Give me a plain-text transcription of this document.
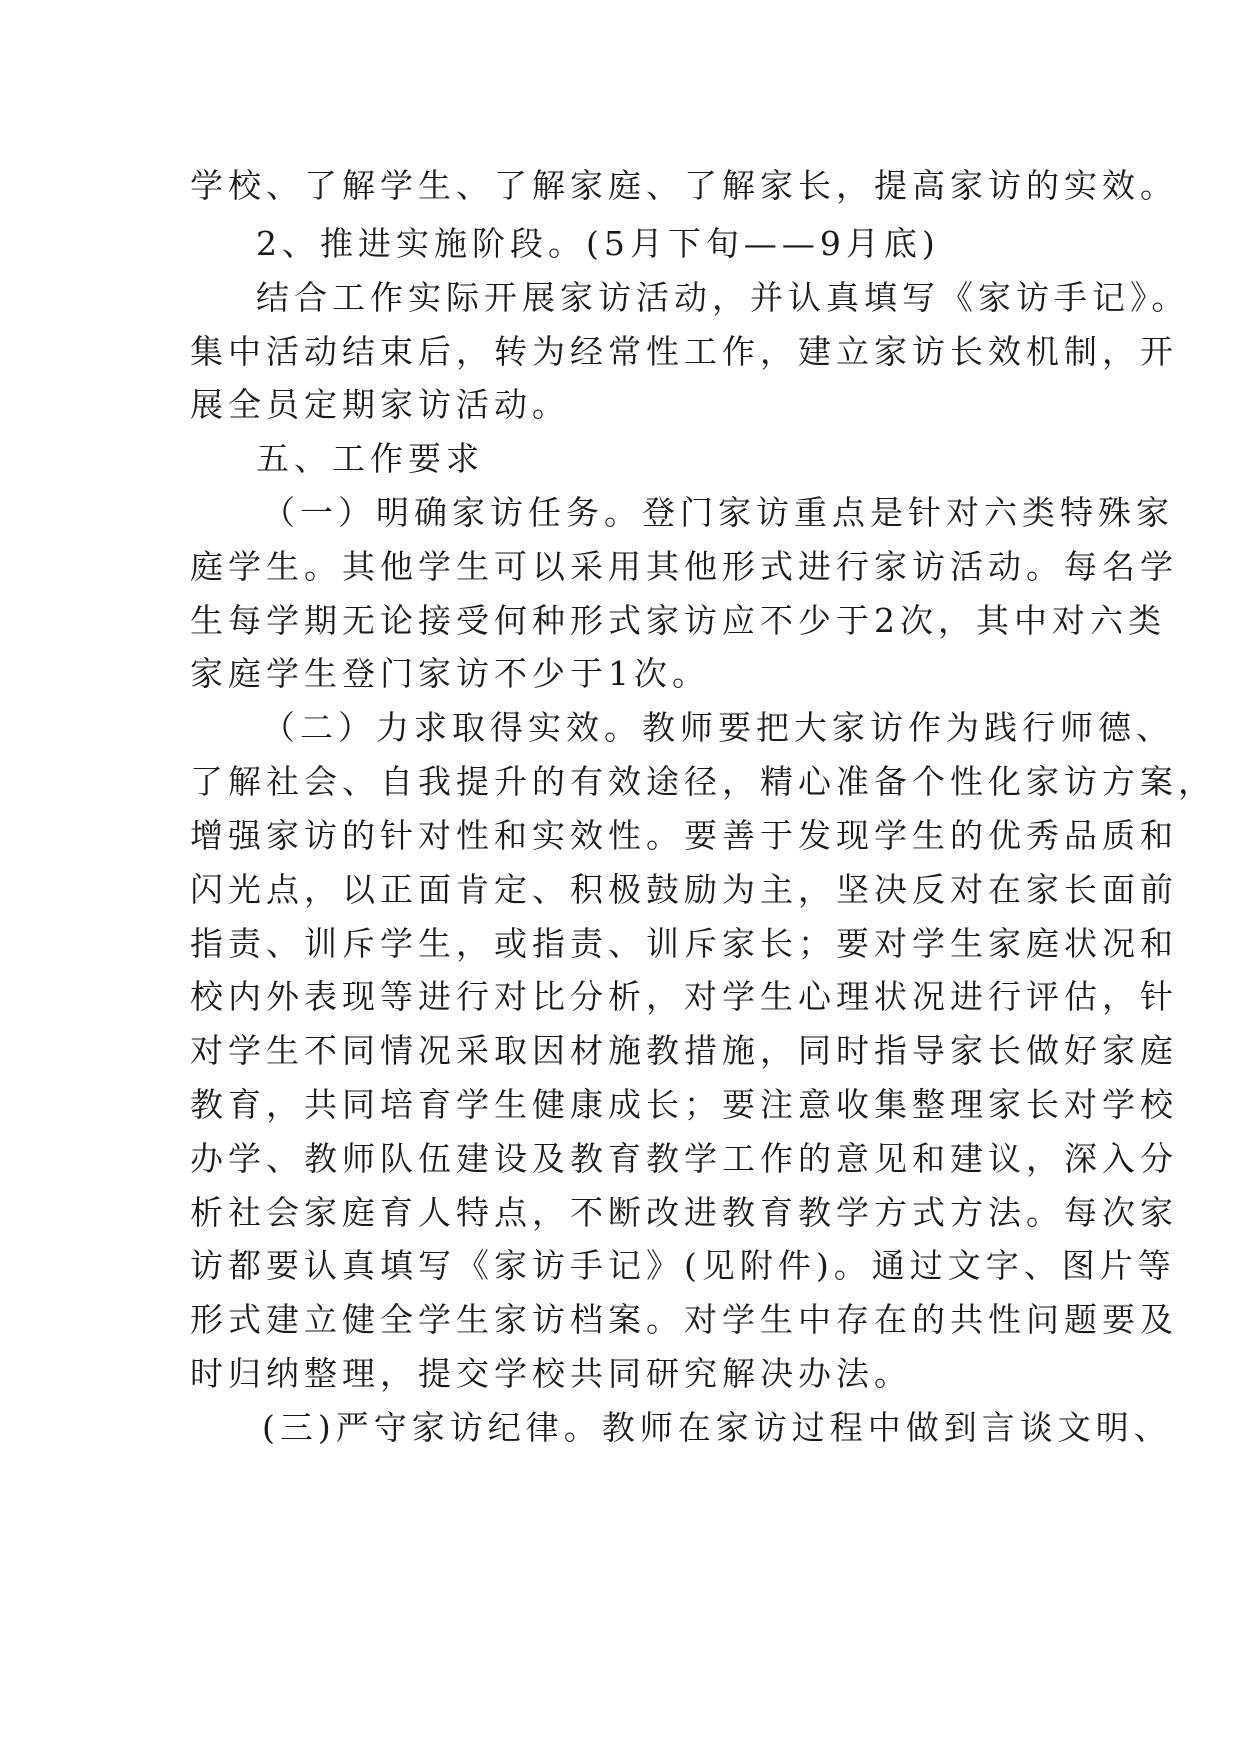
学校、了解学生、了解家庭、了解家长，提高家访的实效。
2、推进实施阶段。(5月下旬——9月底)
结合工作实际开展家访活动，并认真填写《家访手记》。
集中活动结束后，转为经常性工作，建立家访长效机制，开
展全员定期家访活动。
五、工作要求
（一）明确家访任务。登门家访重点是针对六类特殊家
庭学生。其他学生可以采用其他形式进行家访活动。每名学
生每学期无论接受何种形式家访应不少于2次，其中对六类
家庭学生登门家访不少于1次。
（二）力求取得实效。教师要把大家访作为践行师德、
了解社会、自我提升的有效途径，精心准备个性化家访方案，
增强家访的针对性和实效性。要善于发现学生的优秀品质和
闪光点，以正面肯定、积极鼓励为主，坚决反对在家长面前
指责、训斥学生，或指责、训斥家长；要对学生家庭状况和
校内外表现等进行对比分析，对学生心理状况进行评估，针
对学生不同情况采取因材施教措施，同时指导家长做好家庭
教育，共同培育学生健康成长；要注意收集整理家长对学校
办学、教师队伍建设及教育教学工作的意见和建议，深入分
析社会家庭育人特点，不断改进教育教学方式方法。每次家
访都要认真填写《家访手记》(见附件)。通过文字、图片等
形式建立健全学生家访档案。对学生中存在的共性问题要及
时归纳整理，提交学校共同研究解决办法。
(三)严守家访纪律。教师在家访过程中做到言谈文明、
